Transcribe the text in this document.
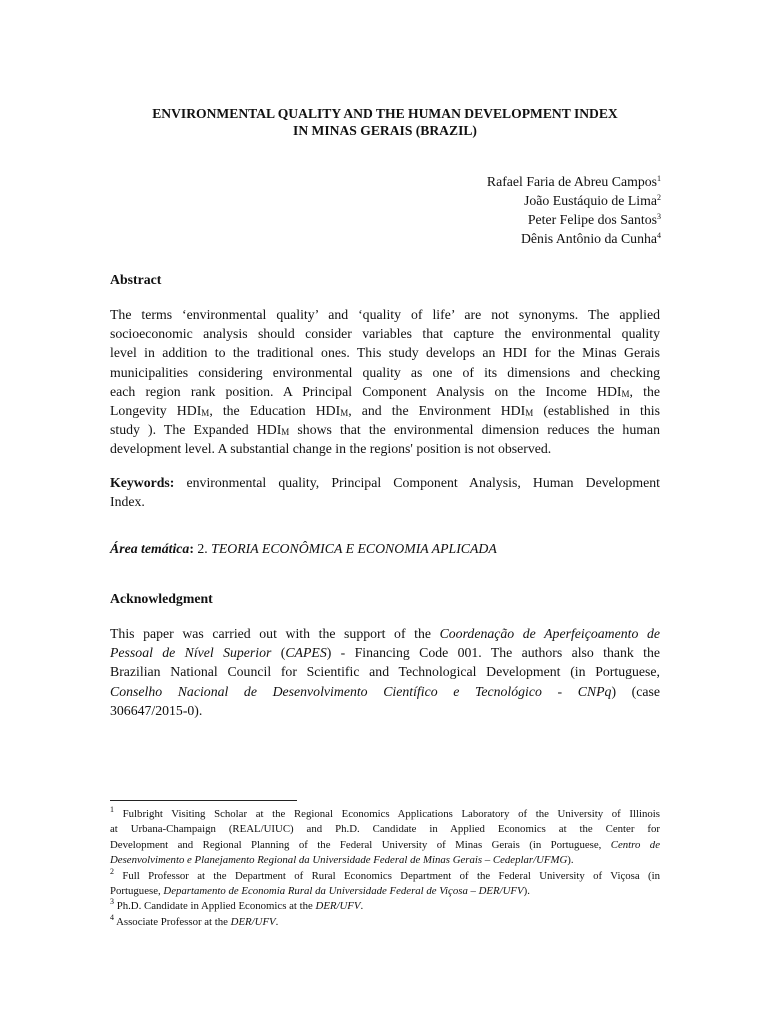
ENVIRONMENTAL QUALITY AND THE HUMAN DEVELOPMENT INDEX
IN MINAS GERAIS (BRAZIL)
Rafael Faria de Abreu Campos$^1$
João Eustáquio de Lima$^2$
Peter Felipe dos Santos$^3$
Dênis Antônio da Cunha$^4$
Abstract
The terms ‘environmental quality’ and ‘quality of life’ are not synonyms. The applied
socioeconomic analysis should consider variables that capture the environmental quality
level in addition to the traditional ones. This study develops an HDI for the Minas Gerais
municipalities considering environmental quality as one of its dimensions and checking
each region rank position. A Principal Component Analysis on the Income $HDI_M$, the
Longevity $HDI_M$, the Education $HDI_M$, and the Environment $HDI_M$ (established in this
study ). The Expanded $HDI_M$ shows that the environmental dimension reduces the human
development level. A substantial change in the regions' position is not observed.
Keywords: environmental quality, Principal Component Analysis, Human Development
Index.
Área temática: 2. TEORIA ECONÔMICA E ECONOMIA APLICADA
Acknowledgment
This paper was carried out with the support of the Coordenação de Aperfeiçoamento de
Pessoal de Nível Superior (CAPES) - Financing Code 001. The authors also thank the
Brazilian National Council for Scientific and Technological Development (in Portuguese,
Conselho Nacional de Desenvolvimento Científico e Tecnológico - CNPq) (case
306647/2015-0).
$^1$ Fulbright Visiting Scholar at the Regional Economics Applications Laboratory of the University of Illinois
at Urbana-Champaign (REAL/UIUC) and Ph.D. Candidate in Applied Economics at the Center for
Development and Regional Planning of the Federal University of Minas Gerais (in Portuguese, Centro de
Desenvolvimento e Planejamento Regional da Universidade Federal de Minas Gerais – Cedeplar/UFMG).
$^2$ Full Professor at the Department of Rural Economics Department of the Federal University of Viçosa (in
Portuguese, Departamento de Economia Rural da Universidade Federal de Viçosa – DER/UFV).
$^3$ Ph.D. Candidate in Applied Economics at the DER/UFV.
$^4$ Associate Professor at the DER/UFV.
